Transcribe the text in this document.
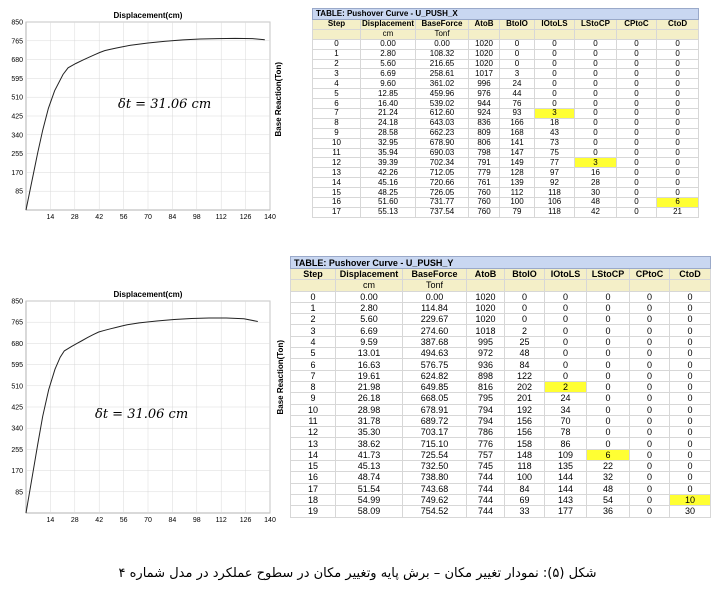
Displacement(cm)
14 28 42 56 70 84 98 112 126 140
85
170
255
340
425
510
595
680
765
850
δt = 31.06 cm	Base Reaction(Ton)
Displacement(cm)
14 28 42 56 70 84 98 112 126 140
85
170
255
340
425
510
595
680
765
850
δt = 31.06 cm	Base Reaction(Ton)
TABLE: Pushover Curve - U_PUSH_X								
Step	Displacement	BaseForce	AtoB	BtoIO	IOtoLS	LStoCP	CPtoC	CtoD
	cm	Tonf						
0	0.00	0.00	1020	0	0	0	0	0
1	2.80	108.32	1020	0	0	0	0	0
2	5.60	216.65	1020	0	0	0	0	0
3	6.69	258.61	1017	3	0	0	0	0
4	9.60	361.02	996	24	0	0	0	0
5	12.85	459.96	976	44	0	0	0	0
6	16.40	539.02	944	76	0	0	0	0
7	21.24	612.60	924	93	3	0	0	0
8	24.18	643.03	836	166	18	0	0	0
9	28.58	662.23	809	168	43	0	0	0
10	32.95	678.90	806	141	73	0	0	0
11	35.94	690.03	798	147	75	0	0	0
12	39.39	702.34	791	149	77	3	0	0
13	42.26	712.05	779	128	97	16	0	0
14	45.16	720.66	761	139	92	28	0	0
15	48.25	726.05	760	112	118	30	0	0
16	51.60	731.77	760	100	106	48	0	6
17	55.13	737.54	760	79	118	42	0	21
TABLE: Pushover Curve - U_PUSH_Y								
Step	Displacement	BaseForce	AtoB	BtoIO	IOtoLS	LStoCP	CPtoC	CtoD
	cm	Tonf						
0	0.00	0.00	1020	0	0	0	0	0
1	2.80	114.84	1020	0	0	0	0	0
2	5.60	229.67	1020	0	0	0	0	0
3	6.69	274.60	1018	2	0	0	0	0
4	9.59	387.68	995	25	0	0	0	0
5	13.01	494.63	972	48	0	0	0	0
6	16.63	576.75	936	84	0	0	0	0
7	19.61	624.82	898	122	0	0	0	0
8	21.98	649.85	816	202	2	0	0	0
9	26.18	668.05	795	201	24	0	0	0
10	28.98	678.91	794	192	34	0	0	0
11	31.78	689.72	794	156	70	0	0	0
12	35.30	703.17	786	156	78	0	0	0
13	38.62	715.10	776	158	86	0	0	0
14	41.73	725.54	757	148	109	6	0	0
15	45.13	732.50	745	118	135	22	0	0
16	48.74	738.80	744	100	144	32	0	0
17	51.54	743.68	744	84	144	48	0	0
18	54.99	749.62	744	69	143	54	0	10
19	58.09	754.52	744	33	177	36	0	30
شکل (۵): نمودار تغییر مکان – برش پایه وتغییر مکان در سطوح عملکرد در مدل شماره ۴
